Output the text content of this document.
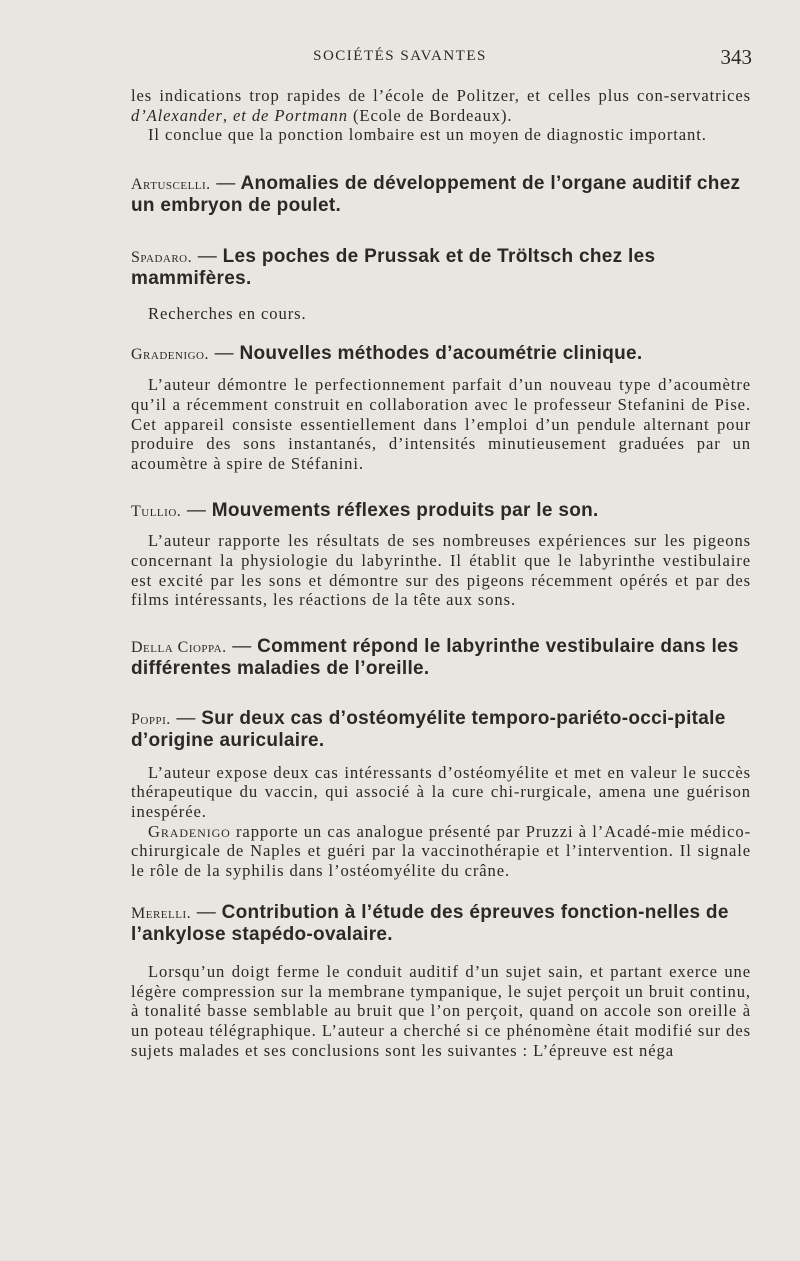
SOCIÉTÉS SAVANTES	343

les indications trop rapides de l’école de Politzer, et celles plus con-servatrices d’Alexander, et de Portmann (Ecole de Bordeaux).

Il conclue que la ponction lombaire est un moyen de diagnostic important.

Artuscelli. — Anomalies de développement de l’organe auditif chez un embryon de poulet.
Spadaro. — Les poches de Prussak et de Tröltsch chez les mammifères.

Recherches en cours.

Gradenigo. — Nouvelles méthodes d’acoumétrie clinique.

L’auteur démontre le perfectionnement parfait d’un nouveau type d’acoumètre qu’il a récemment construit en collaboration avec le professeur Stefanini de Pise. Cet appareil consiste essentiellement dans l’emploi d’un pendule alternant pour produire des sons instantanés, d’intensités minutieusement graduées par un acoumètre à spire de Stéfanini.

Tullio. — Mouvements réflexes produits par le son.

L’auteur rapporte les résultats de ses nombreuses expériences sur les pigeons concernant la physiologie du labyrinthe. Il établit que le labyrinthe vestibulaire est excité par les sons et démontre sur des pigeons récemment opérés et par des films intéressants, les réactions de la tête aux sons.

Della Cioppa. — Comment répond le labyrinthe vestibulaire dans les différentes maladies de l’oreille.
Poppi. — Sur deux cas d’ostéomyélite temporo-pariéto-occi-pitale d’origine auriculaire.

L’auteur expose deux cas intéressants d’ostéomyélite et met en valeur le succès thérapeutique du vaccin, qui associé à la cure chi-rurgicale, amena une guérison inespérée.

Gradenigo rapporte un cas analogue présenté par Pruzzi à l’Acadé-mie médico-chirurgicale de Naples et guéri par la vaccinothérapie et l’intervention. Il signale le rôle de la syphilis dans l’ostéomyélite du crâne.

Merelli. — Contribution à l’étude des épreuves fonction-nelles de l’ankylose stapédo-ovalaire.

Lorsqu’un doigt ferme le conduit auditif d’un sujet sain, et partant exerce une légère compression sur la membrane tympanique, le sujet perçoit un bruit continu, à tonalité basse semblable au bruit que l’on perçoit, quand on accole son oreille à un poteau télégraphique. L’auteur a cherché si ce phénomène était modifié sur des sujets malades et ses conclusions sont les suivantes : L’épreuve est néga
